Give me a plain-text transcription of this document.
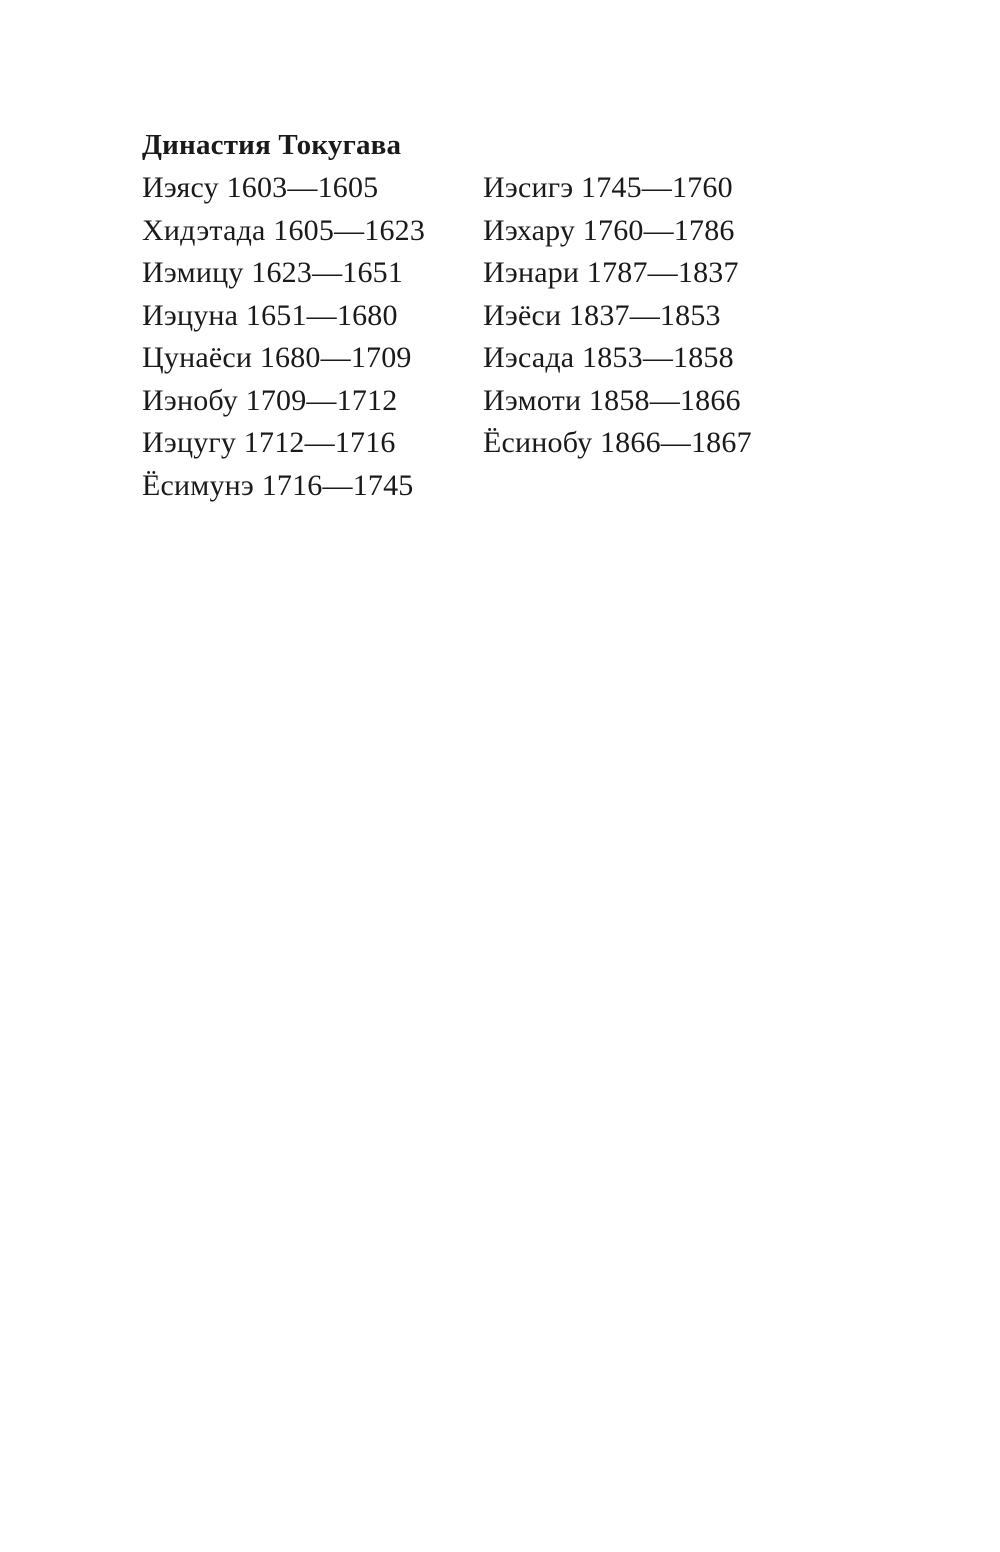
Династия Токугава
Иэясу 1603—1605
Хидэтада 1605—1623
Иэмицу 1623—1651
Иэцуна 1651—1680
Цунаёси 1680—1709
Иэнобу 1709—1712
Иэцугу 1712—1716
Ёсимунэ 1716—1745
Иэсигэ 1745—1760
Иэхару 1760—1786
Иэнари 1787—1837
Иэёси 1837—1853
Иэсада 1853—1858
Иэмоти 1858—1866
Ёсинобу 1866—1867
